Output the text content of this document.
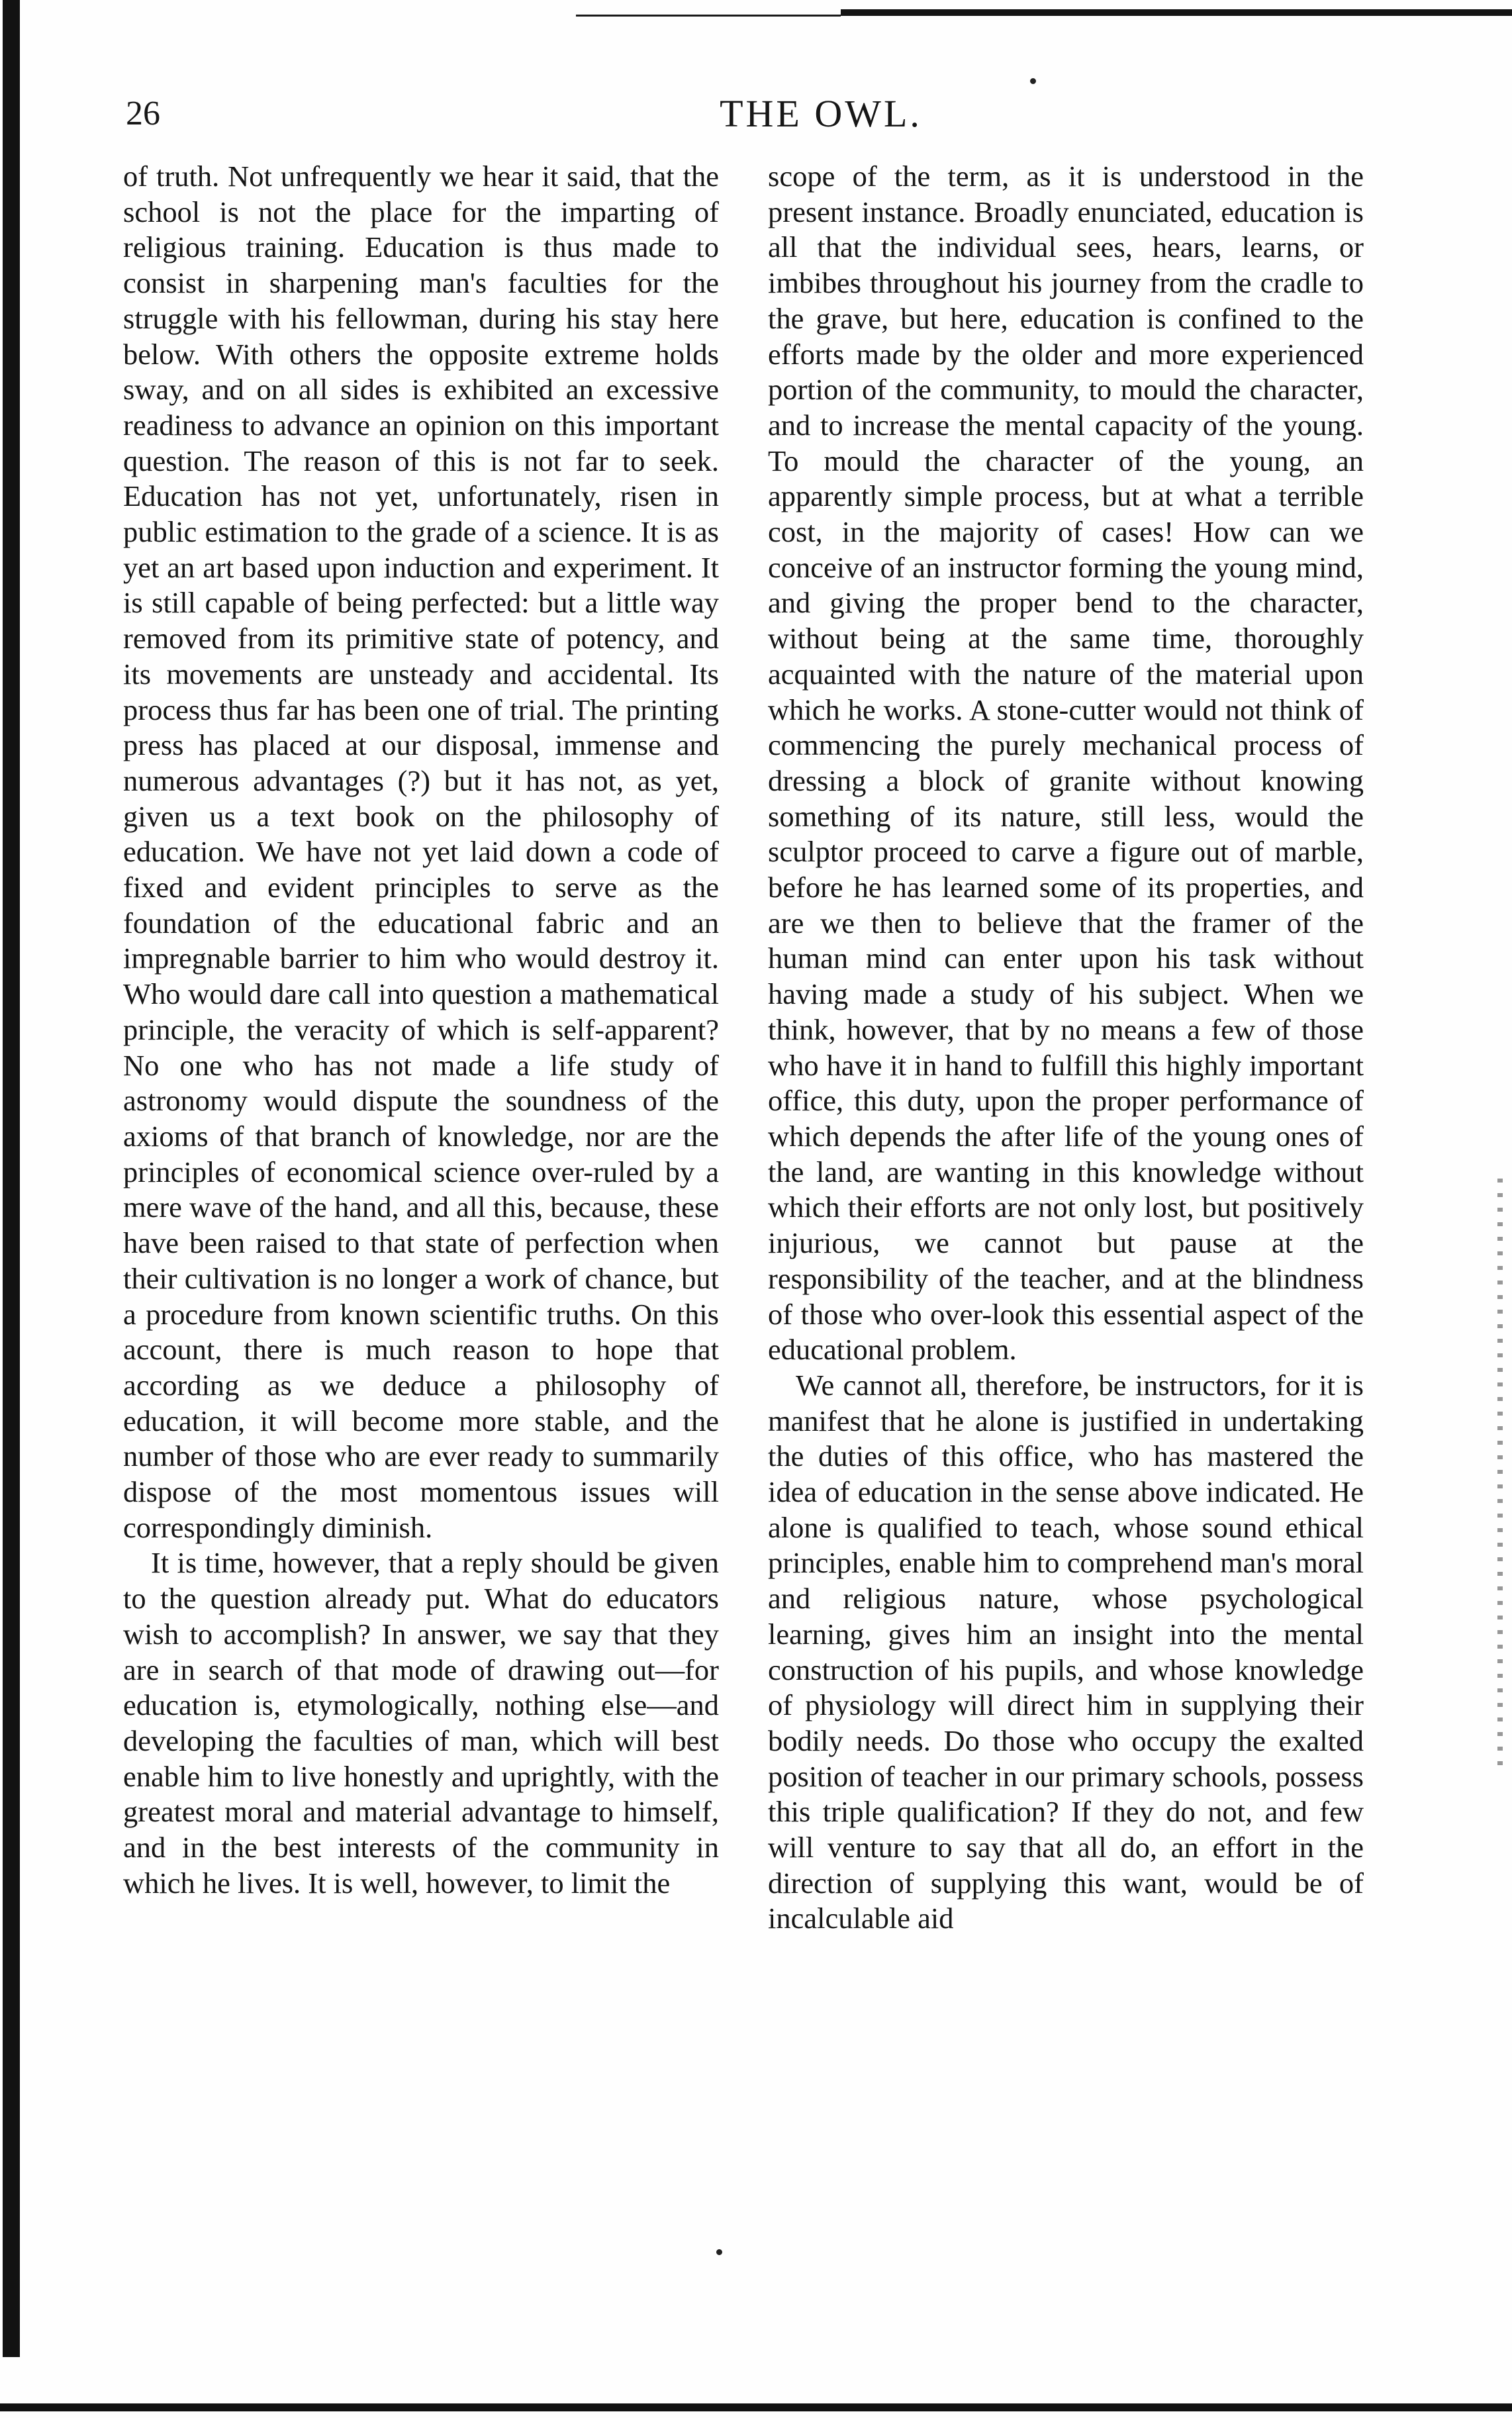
26	THE OWL.

of truth. Not unfrequently we hear it said, that the school is not the place for the imparting of religious training. Education is thus made to consist in sharpening man's faculties for the struggle with his fellowman, during his stay here below. With others the opposite extreme holds sway, and on all sides is exhibited an excessive readiness to advance an opinion on this important question. The reason of this is not far to seek. Education has not yet, unfortunately, risen in public estimation to the grade of a science. It is as yet an art based upon induction and experiment. It is still capable of being perfected: but a little way removed from its primitive state of potency, and its movements are unsteady and accidental. Its process thus far has been one of trial. The printing press has placed at our disposal, immense and numerous advantages (?) but it has not, as yet, given us a text book on the philosophy of education. We have not yet laid down a code of fixed and evident principles to serve as the foundation of the educational fabric and an impregnable barrier to him who would destroy it. Who would dare call into question a mathematical principle, the veracity of which is self-apparent? No one who has not made a life study of astronomy would dispute the soundness of the axioms of that branch of knowledge, nor are the principles of economical science over-ruled by a mere wave of the hand, and all this, because, these have been raised to that state of perfection when their cultivation is no longer a work of chance, but a procedure from known scientific truths. On this account, there is much reason to hope that according as we deduce a philosophy of education, it will become more stable, and the number of those who are ever ready to summarily dispose of the most momentous issues will correspondingly diminish.

It is time, however, that a reply should be given to the question already put. What do educators wish to accomplish? In answer, we say that they are in search of that mode of drawing out—for education is, etymologically, nothing else—and developing the faculties of man, which will best enable him to live honestly and uprightly, with the greatest moral and material advantage to himself, and in the best interests of the community in which he lives. It is well, however, to limit the

scope of the term, as it is understood in the present instance. Broadly enunciated, education is all that the individual sees, hears, learns, or imbibes throughout his journey from the cradle to the grave, but here, education is confined to the efforts made by the older and more experienced portion of the community, to mould the character, and to increase the mental capacity of the young. To mould the character of the young, an apparently simple process, but at what a terrible cost, in the majority of cases! How can we conceive of an instructor forming the young mind, and giving the proper bend to the character, without being at the same time, thoroughly acquainted with the nature of the material upon which he works. A stone-cutter would not think of commencing the purely mechanical process of dressing a block of granite without knowing something of its nature, still less, would the sculptor proceed to carve a figure out of marble, before he has learned some of its properties, and are we then to believe that the framer of the human mind can enter upon his task without having made a study of his subject. When we think, however, that by no means a few of those who have it in hand to fulfill this highly important office, this duty, upon the proper performance of which depends the after life of the young ones of the land, are wanting in this knowledge without which their efforts are not only lost, but positively injurious, we cannot but pause at the responsibility of the teacher, and at the blindness of those who over-look this essential aspect of the educational problem.

We cannot all, therefore, be instructors, for it is manifest that he alone is justified in undertaking the duties of this office, who has mastered the idea of education in the sense above indicated. He alone is qualified to teach, whose sound ethical principles, enable him to comprehend man's moral and religious nature, whose psychological learning, gives him an insight into the mental construction of his pupils, and whose knowledge of physiology will direct him in supplying their bodily needs. Do those who occupy the exalted position of teacher in our primary schools, possess this triple qualification? If they do not, and few will venture to say that all do, an effort in the direction of supplying this want, would be of incalculable aid
